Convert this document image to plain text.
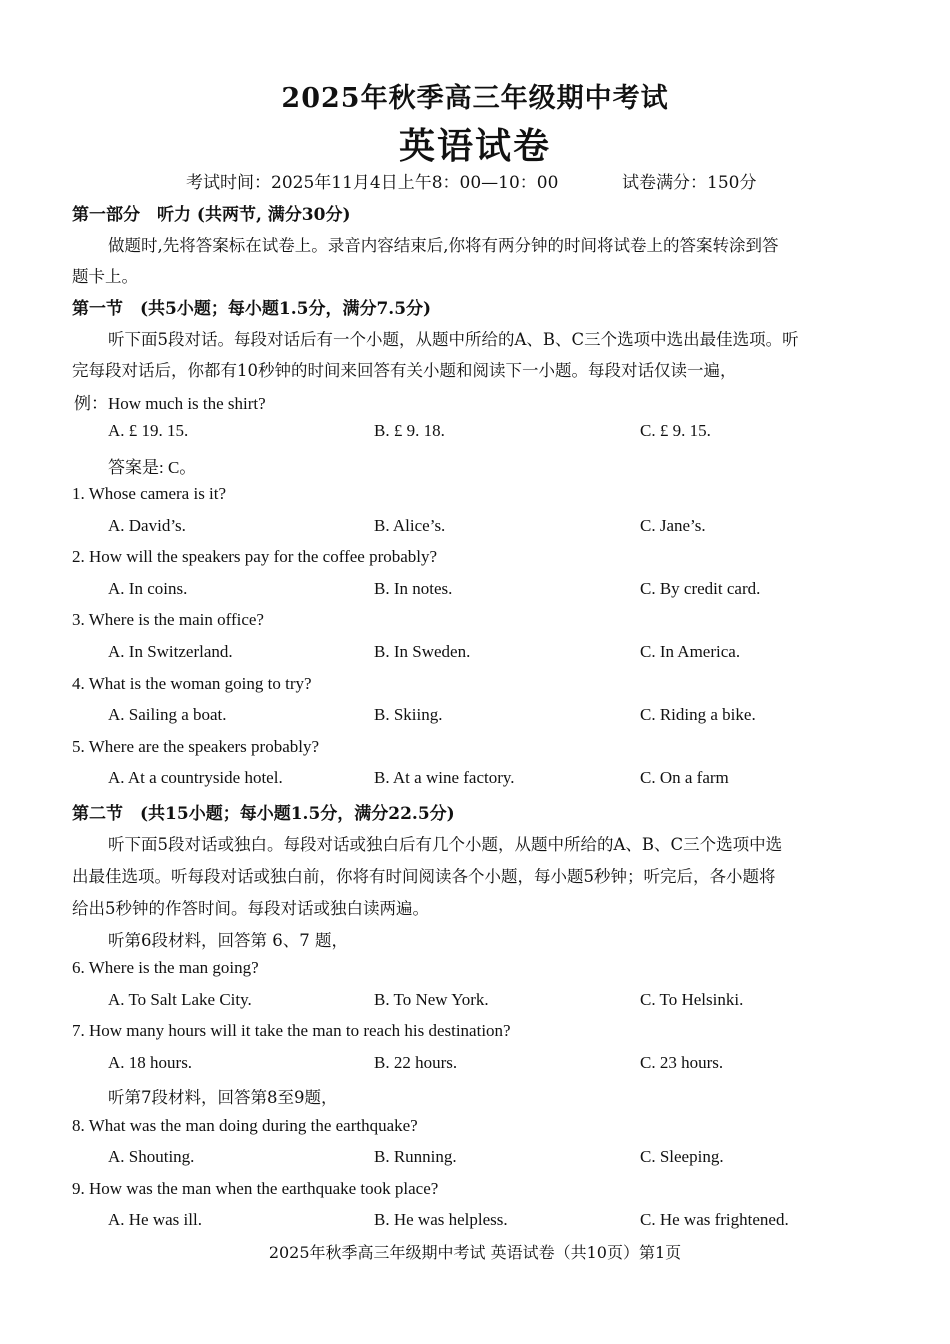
2025年秋季高三年级期中考试
英语试卷
考试时间：2025年11月4日上午8：00—10：00	试卷满分：150分
第一部分　听力 (共两节, 满分30分)
做题时,先将答案标在试卷上。录音内容结束后,你将有两分钟的时间将试卷上的答案转涂到答
题卡上。
第一节　(共5小题；每小题1.5分，满分7.5分)
听下面5段对话。每段对话后有一个小题，从题中所给的A、B、C三个选项中选出最佳选项。听
完每段对话后，你都有10秒钟的时间来回答有关小题和阅读下一小题。每段对话仅读一遍，
例：How much is the shirt?
A. £ 19. 15.	B. £ 9. 18.	C. £ 9. 15.
答案是: C。
1. Whose camera is it?
A. David’s.	B. Alice’s.	C. Jane’s.
2. How will the speakers pay for the coffee probably?
A. In coins.	B. In notes.	C. By credit card.
3. Where is the main office?
A. In Switzerland.	B. In Sweden.	C. In America.
4. What is the woman going to try?
A. Sailing a boat.	B. Skiing.	C. Riding a bike.
5. Where are the speakers probably?
A. At a countryside hotel.	B. At a wine factory.	C. On a farm
第二节　(共15小题；每小题1.5分，满分22.5分)
听下面5段对话或独白。每段对话或独白后有几个小题，从题中所给的A、B、C三个选项中选
出最佳选项。听每段对话或独白前，你将有时间阅读各个小题，每小题5秒钟；听完后，各小题将
给出5秒钟的作答时间。每段对话或独白读两遍。
听第6段材料，回答第 6、7 题，
6. Where is the man going?
A. To Salt Lake City.	B. To New York.	C. To Helsinki.
7. How many hours will it take the man to reach his destination?
A. 18 hours.	B. 22 hours.	C. 23 hours.
听第7段材料，回答第8至9题，
8. What was the man doing during the earthquake?
A. Shouting.	B. Running.	C. Sleeping.
9. How was the man when the earthquake took place?
A. He was ill.	B. He was helpless.	C. He was frightened.
2025年秋季高三年级期中考试 英语试卷（共10页）第1页
